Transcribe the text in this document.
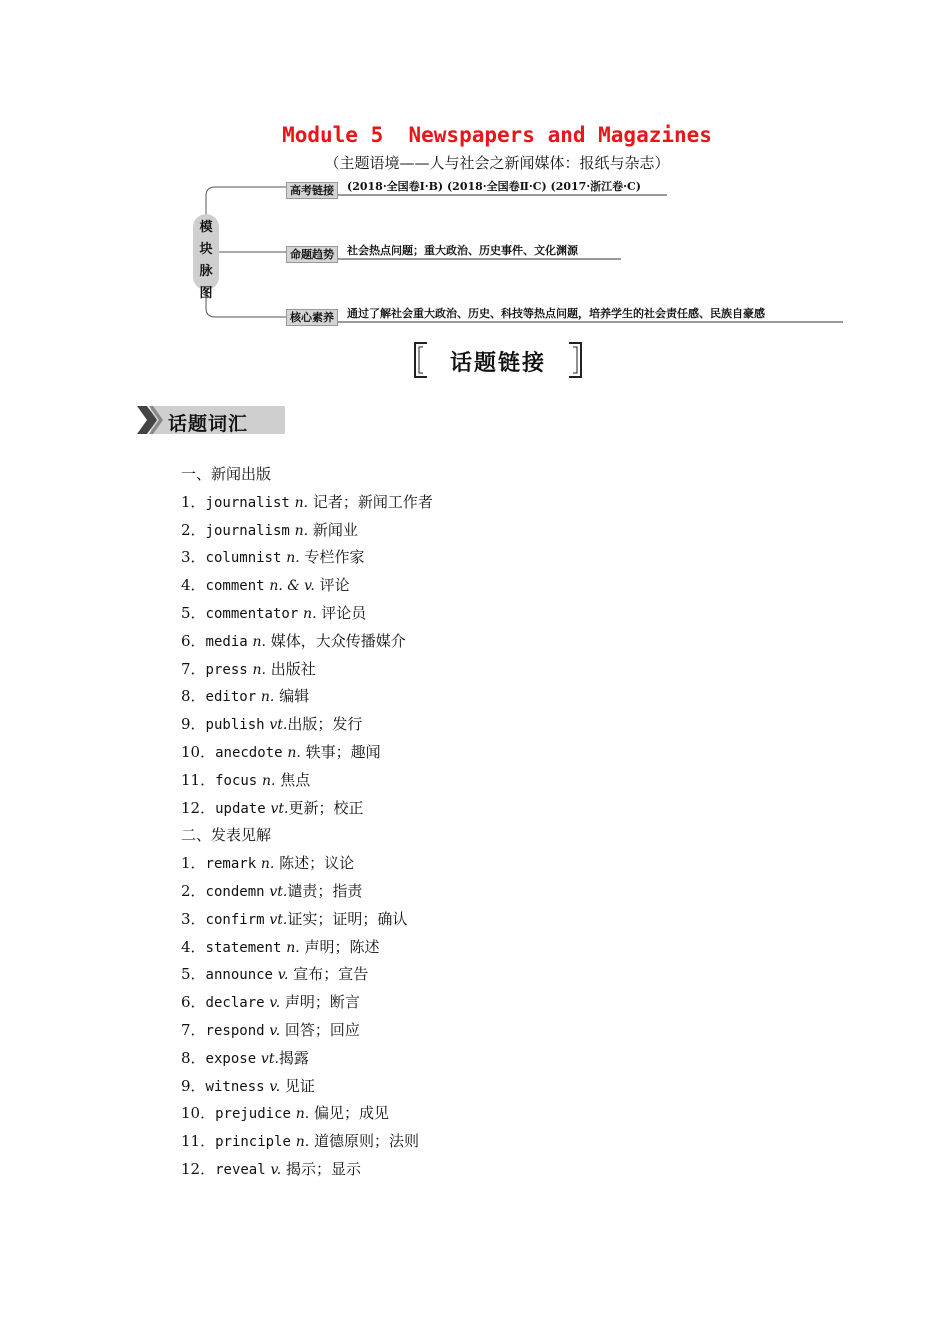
Module 5  Newspapers and Magazines
（主题语境——人与社会之新闻媒体：报纸与杂志）
模
块
脉
图
高考链接	(2018·全国卷Ⅰ·B) (2018·全国卷Ⅱ·C) (2017·浙江卷·C)
命题趋势	社会热点问题；重大政治、历史事件、文化渊源
核心素养	通过了解社会重大政治、历史、科技等热点问题，培养学生的社会责任感、民族自豪感
话题链接
话题词汇
一、新闻出版
1．journalist n. 记者；新闻工作者
2．journalism n. 新闻业
3．columnist n. 专栏作家
4．comment n. & v. 评论
5．commentator n. 评论员
6．media n. 媒体，大众传播媒介
7．press n. 出版社
8．editor n. 编辑
9．publish vt.出版；发行
10．anecdote n. 轶事；趣闻
11．focus n. 焦点
12．update vt.更新；校正
二、发表见解
1．remark n. 陈述；议论
2．condemn vt.谴责；指责
3．confirm vt.证实；证明；确认
4．statement n. 声明；陈述
5．announce v. 宣布；宣告
6．declare v. 声明；断言
7．respond v. 回答；回应
8．expose vt.揭露
9．witness v. 见证
10．prejudice n. 偏见；成见
11．principle n. 道德原则；法则
12．reveal v. 揭示；显示
